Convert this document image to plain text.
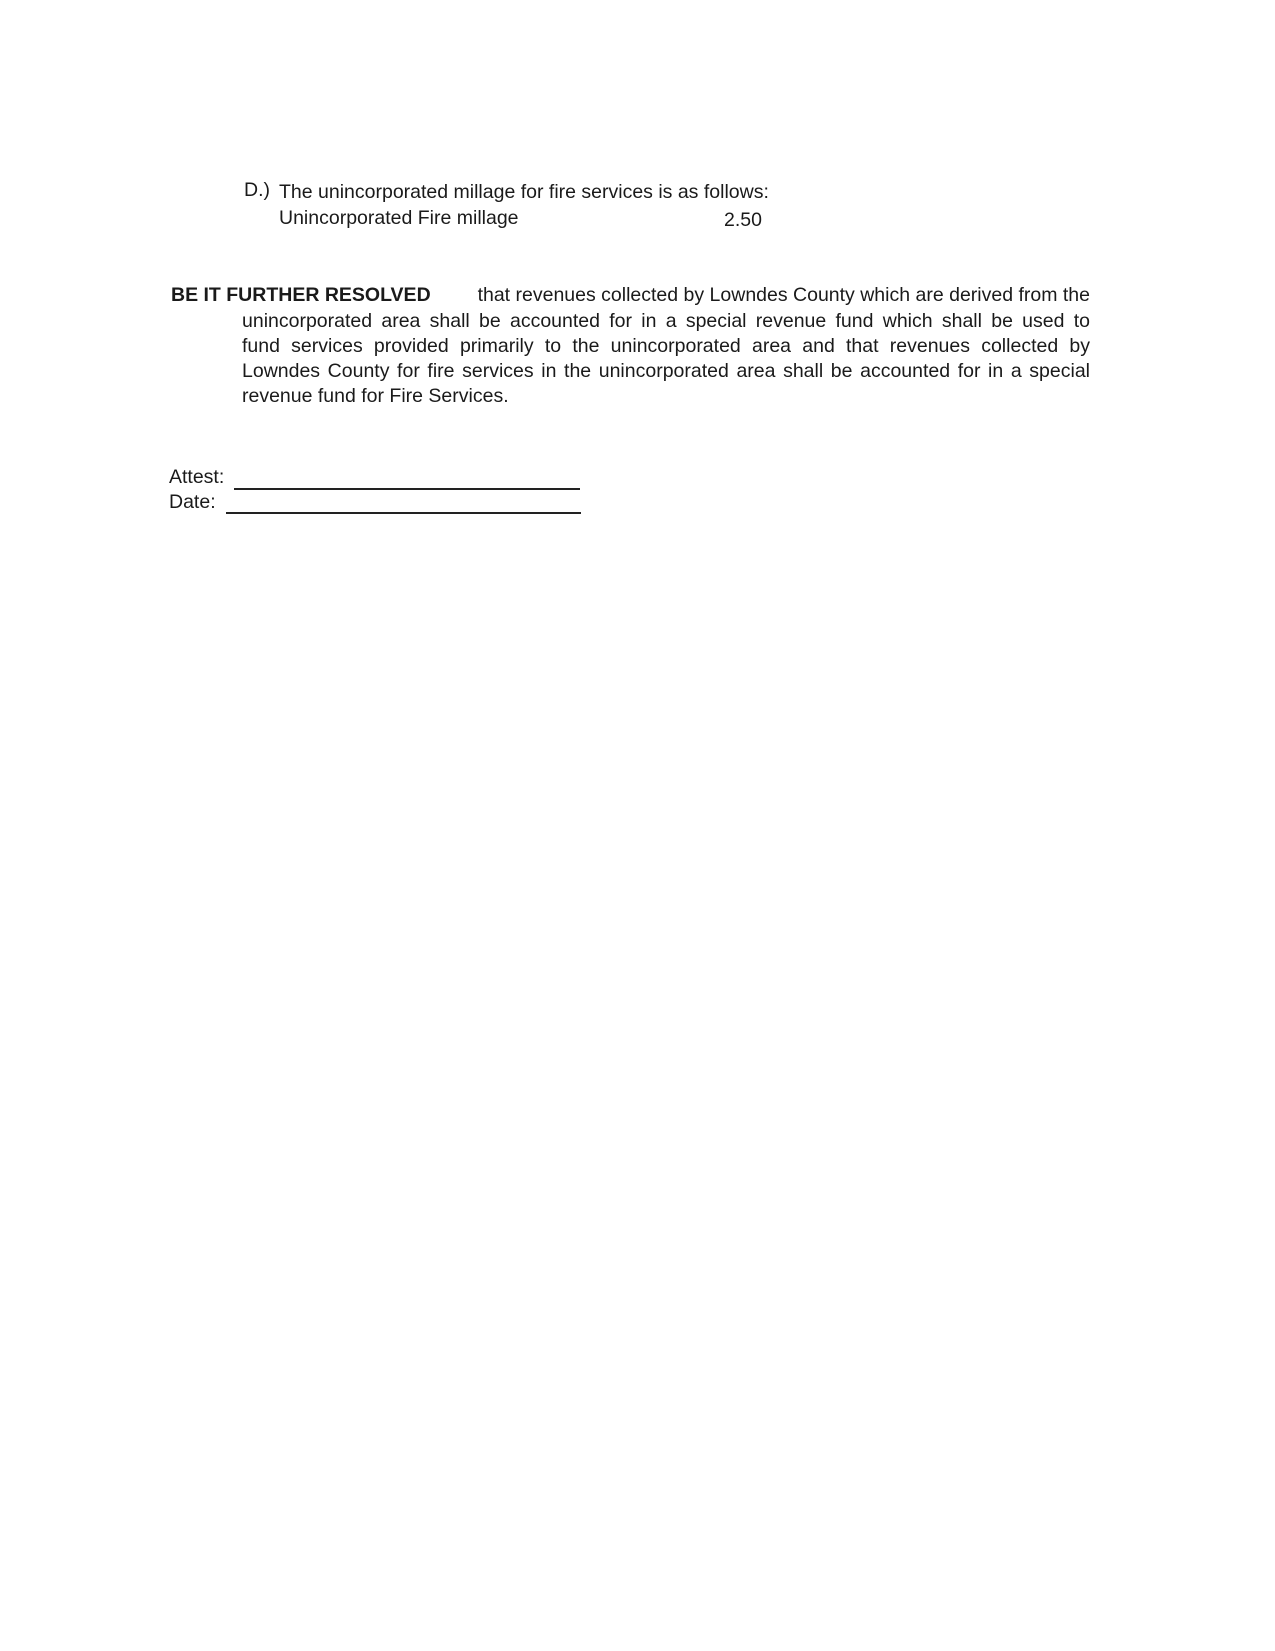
D.) The unincorporated millage for fire services is as follows:
Unincorporated Fire millage	2.50
BE IT FURTHER RESOLVED that revenues collected by Lowndes County which are derived from the
unincorporated area shall be accounted for in a special revenue fund which shall be used to
fund services provided primarily to the unincorporated area and that revenues collected by
Lowndes County for fire services in the unincorporated area shall be accounted for in a special
revenue fund for Fire Services.
Attest:
Date:
